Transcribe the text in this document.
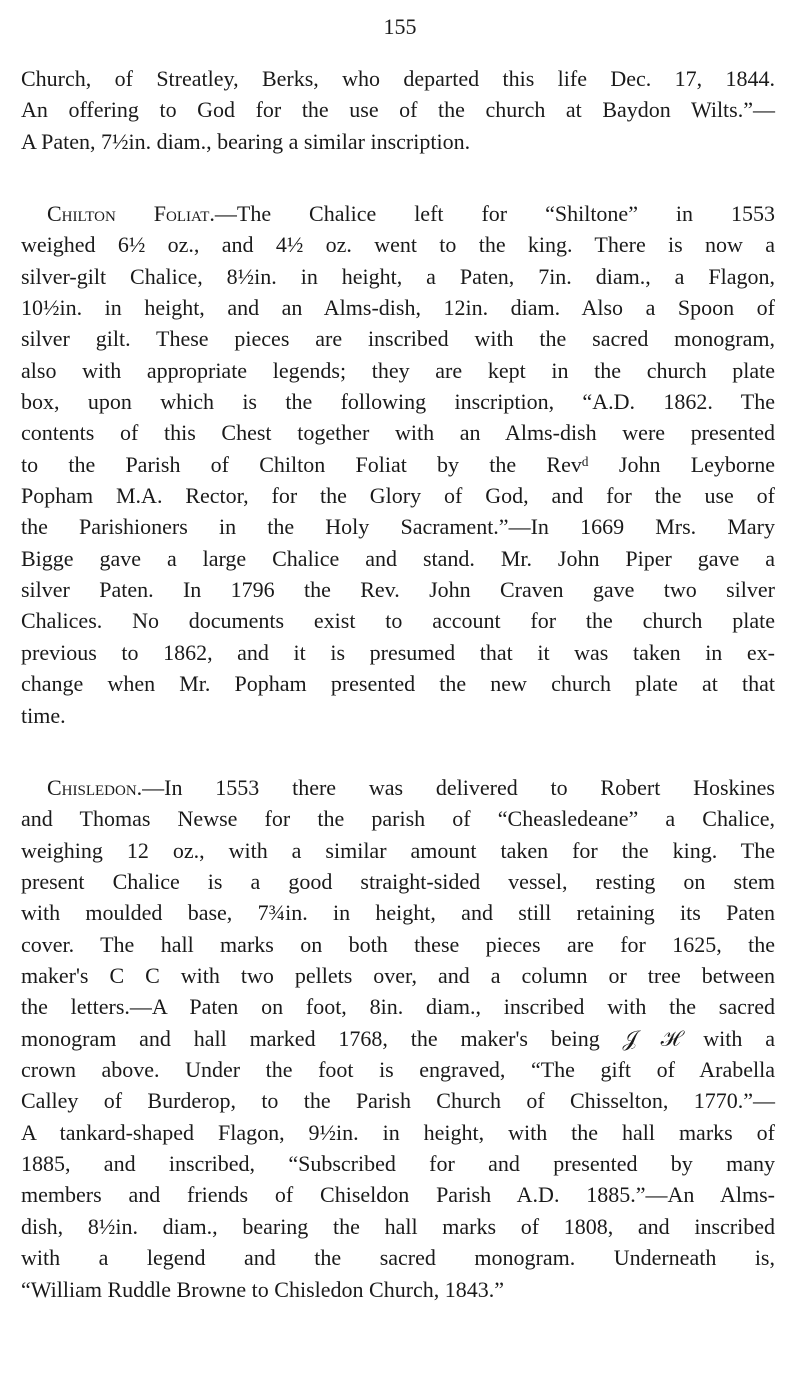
155
Church, of Streatley, Berks, who departed this life Dec. 17, 1844.
An offering to God for the use of the church at Baydon Wilts.”—
A Paten, 7½in. diam., bearing a similar inscription.
Chilton Foliat.—The Chalice left for “Shiltone” in 1553
weighed 6½ oz., and 4½ oz. went to the king. There is now a
silver-gilt Chalice, 8½in. in height, a Paten, 7in. diam., a Flagon,
10½in. in height, and an Alms-dish, 12in. diam. Also a Spoon of
silver gilt. These pieces are inscribed with the sacred monogram,
also with appropriate legends; they are kept in the church plate
box, upon which is the following inscription, “A.D. 1862. The
contents of this Chest together with an Alms-dish were presented
to the Parish of Chilton Foliat by the Revᵈ John Leyborne
Popham M.A. Rector, for the Glory of God, and for the use of
the Parishioners in the Holy Sacrament.”—In 1669 Mrs. Mary
Bigge gave a large Chalice and stand. Mr. John Piper gave a
silver Paten. In 1796 the Rev. John Craven gave two silver
Chalices. No documents exist to account for the church plate
previous to 1862, and it is presumed that it was taken in ex-
change when Mr. Popham presented the new church plate at that
time.
Chisledon.—In 1553 there was delivered to Robert Hoskines
and Thomas Newse for the parish of “Cheasledeane” a Chalice,
weighing 12 oz., with a similar amount taken for the king. The
present Chalice is a good straight-sided vessel, resting on stem
with moulded base, 7¾in. in height, and still retaining its Paten
cover. The hall marks on both these pieces are for 1625, the
maker's C C with two pellets over, and a column or tree between
the letters.—A Paten on foot, 8in. diam., inscribed with the sacred
monogram and hall marked 1768, the maker's being 𝒥 ℋ with a
crown above. Under the foot is engraved, “The gift of Arabella
Calley of Burderop, to the Parish Church of Chisselton, 1770.”—
A tankard-shaped Flagon, 9½in. in height, with the hall marks of
1885, and inscribed, “Subscribed for and presented by many
members and friends of Chiseldon Parish A.D. 1885.”—An Alms-
dish, 8½in. diam., bearing the hall marks of 1808, and inscribed
with a legend and the sacred monogram. Underneath is,
“William Ruddle Browne to Chisledon Church, 1843.”
